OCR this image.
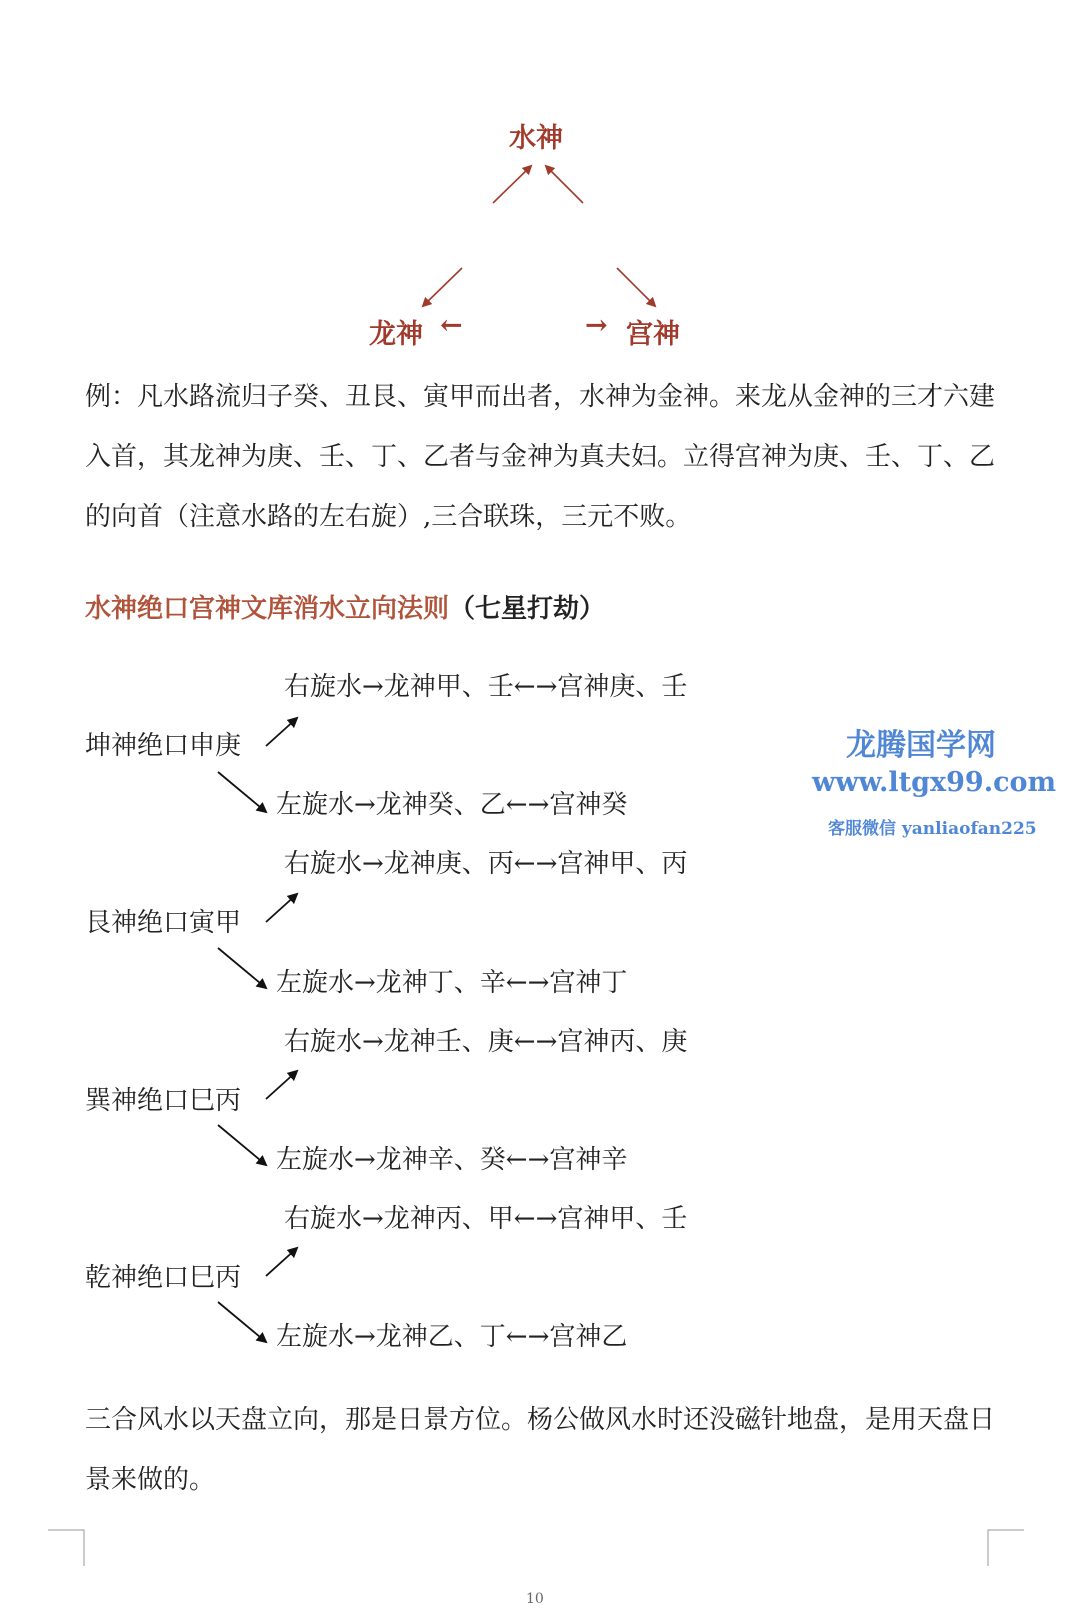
水神
龙神 ←	→ 宫神

例：凡水路流归子癸、丑艮、寅甲而出者，水神为金神。来龙从金神的三才六建入首，其龙神为庚、壬、丁、乙者与金神为真夫妇。立得宫神为庚、壬、丁、乙的向首（注意水路的左右旋）,三合联珠，三元不败。

水神绝口宫神文库消水立向法则（七星打劫）
右旋水→龙神甲、壬←→宫神庚、壬
坤神绝口申庚
左旋水→龙神癸、乙←→宫神癸
右旋水→龙神庚、丙←→宫神甲、丙
艮神绝口寅甲
左旋水→龙神丁、辛←→宫神丁
右旋水→龙神壬、庚←→宫神丙、庚
巽神绝口巳丙
左旋水→龙神辛、癸←→宫神辛
右旋水→龙神丙、甲←→宫神甲、壬
乾神绝口巳丙
左旋水→龙神乙、丁←→宫神乙
龙腾国学网
www.ltgx99.com
客服微信 yanliaofan225

三合风水以天盘立向，那是日景方位。杨公做风水时还没磁针地盘，是用天盘日景来做的。

10
